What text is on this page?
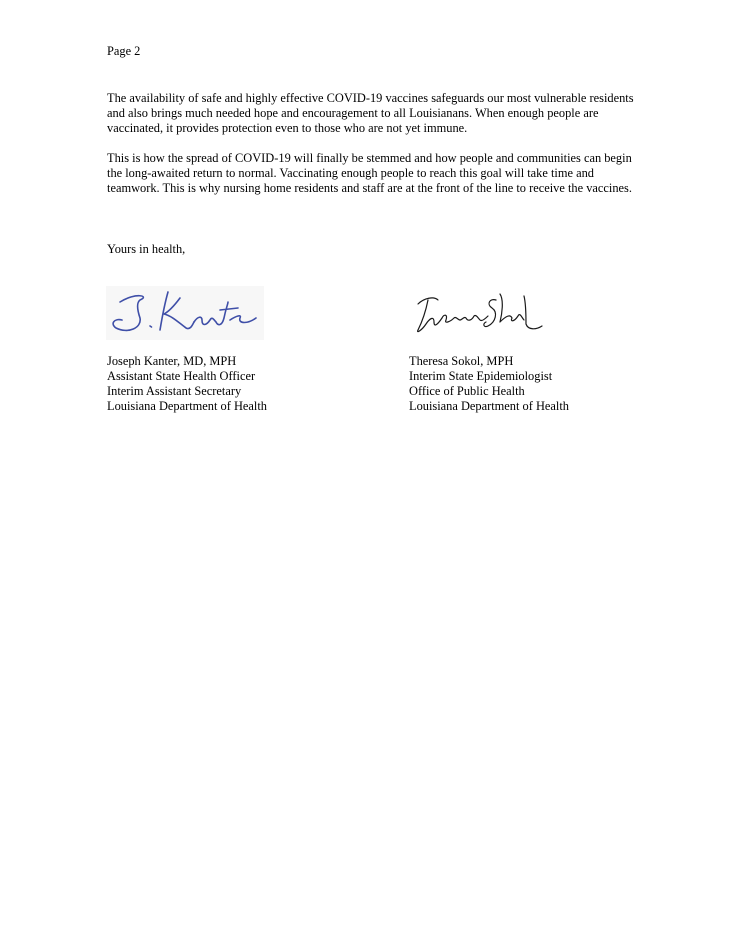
Page 2

The availability of safe and highly effective COVID-19 vaccines safeguards our most vulnerable residents and also brings much needed hope and encouragement to all Louisianans. When enough people are vaccinated, it provides protection even to those who are not yet immune.

This is how the spread of COVID-19 will finally be stemmed and how people and communities can begin the long-awaited return to normal. Vaccinating enough people to reach this goal will take time and teamwork. This is why nursing home residents and staff are at the front of the line to receive the vaccines.

Yours in health,

Joseph Kanter, MD, MPH
Assistant State Health Officer
Interim Assistant Secretary
Louisiana Department of Health
Theresa Sokol, MPH
Interim State Epidemiologist
Office of Public Health
Louisiana Department of Health
